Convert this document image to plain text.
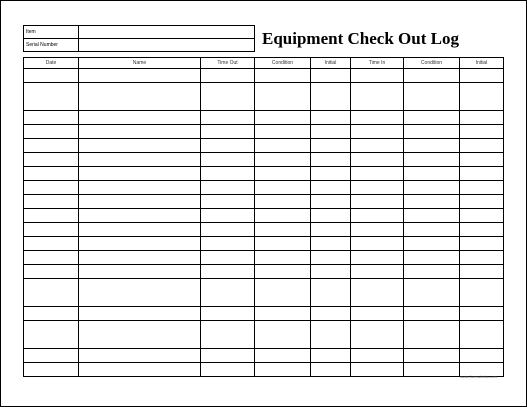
Item	
Serial Number		Equipment Check Out Log
Date	Name	Time Out	Condition	Initial	Time In	Condition	Initial

www.formsbirds.com
